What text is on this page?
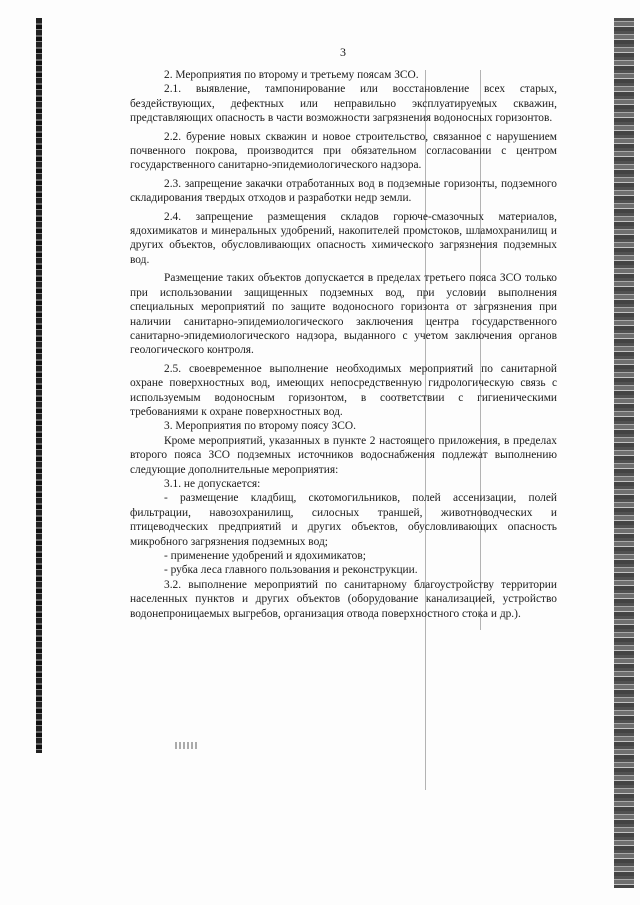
3

2. Мероприятия по второму и третьему поясам ЗСО.

2.1. выявление, тампонирование или восстановление всех старых, бездействующих, дефектных или неправильно эксплуатируемых скважин, представляющих опасность в части возможности загрязнения водоносных горизонтов.

2.2. бурение новых скважин и новое строительство, связанное с нарушением почвенного покрова, производится при обязательном согласовании с центром государственного санитарно-эпидемиологического надзора.

2.3. запрещение закачки отработанных вод в подземные горизонты, подземного складирования твердых отходов и разработки недр земли.

2.4. запрещение размещения складов горюче-смазочных материалов, ядохимикатов и минеральных удобрений, накопителей промстоков, шламохранилищ и других объектов, обусловливающих опасность химического загрязнения подземных вод.

Размещение таких объектов допускается в пределах третьего пояса ЗСО только при использовании защищенных подземных вод, при условии выполнения специальных мероприятий по защите водоносного горизонта от загрязнения при наличии санитарно-эпидемиологического заключения центра государственного санитарно-эпидемиологического надзора, выданного с учетом заключения органов геологического контроля.

2.5. своевременное выполнение необходимых мероприятий по санитарной охране поверхностных вод, имеющих непосредственную гидрологическую связь с используемым водоносным горизонтом, в соответствии с гигиеническими требованиями к охране поверхностных вод.

3. Мероприятия по второму поясу ЗСО.

Кроме мероприятий, указанных в пункте 2 настоящего приложения, в пределах второго пояса ЗСО подземных источников водоснабжения подлежат выполнению следующие дополнительные мероприятия:

3.1. не допускается:

- размещение кладбищ, скотомогильников, полей ассенизации, полей фильтрации, навозохранилищ, силосных траншей, животноводческих и птицеводческих предприятий и других объектов, обусловливающих опасность микробного загрязнения подземных вод;

- применение удобрений и ядохимикатов;

- рубка леса главного пользования и реконструкции.

3.2. выполнение мероприятий по санитарному благоустройству территории населенных пунктов и других объектов (оборудование канализацией, устройство водонепроницаемых выгребов, организация отвода поверхностного стока и др.).
